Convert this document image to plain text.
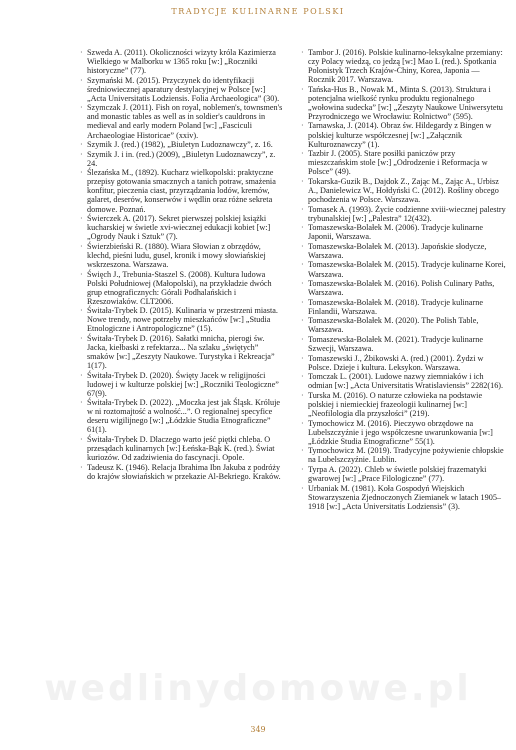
TRADYCJE KULINARNE POLSKI
· Szweda A. (2011). Okoliczności wizyty króla Kazimierza Wielkiego w Malborku w 1365 roku [w:] „Roczniki historyczne” (77).
· Szymański M. (2015). Przyczynek do identyfikacji średniowiecznej aparatury destylacyjnej w Polsce [w:] „Acta Universitatis Lodziensis. Folia Archaeologica” (30).
· Szymczak J. (2011). Fish on royal, noblemen's, townsmen's and monastic tables as well as in soldier's cauldrons in medieval and early modern Poland [w:] „Fasciculi Archaeologiae Historicae” (xxiv).
· Szymik J. (red.) (1982), „Biuletyn Ludoznawczy”, z. 16.
· Szymik J. i in. (red.) (2009), „Biuletyn Ludoznawczy”, z. 24.
· Ślezańska M., (1892). Kucharz wielkopolski: praktyczne przepisy gotowania smacznych a tanich potraw, smażenia konfitur, pieczenia ciast, przyrządzania lodów, kremów, galaret, deserów, konserwów i wędlin oraz różne sekreta domowe. Poznań.
· Świerczek A. (2017). Sekret pierwszej polskiej książki kucharskiej w świetle xvi-wiecznej edukacji kobiet [w:] „Ogrody Nauk i Sztuk” (7).
· Świerzbieński R. (1880). Wiara Słowian z obrzędów, klechd, pieśni ludu, gusel, kronik i mowy słowiańskiej wskrzeszona. Warszawa.
· Święch J., Trebunia-Staszel S. (2008). Kultura ludowa Polski Południowej (Małopolski), na przykładzie dwóch grup etnograficznych: Górali Podhalańskich i Rzeszowiaków. CLT2006.
· Świtała-Trybek D. (2015). Kulinaria w przestrzeni miasta. Nowe trendy, nowe potrzeby mieszkańców [w:] „Studia Etnologiczne i Antropologiczne” (15).
· Świtała-Trybek D. (2016). Sałatki mnicha, pierogi św. Jacka, kiełbaski z refektarza... Na szlaku „świętych” smaków [w:] „Zeszyty Naukowe. Turystyka i Rekreacja” 1(17).
· Świtała-Trybek D. (2020). Święty Jacek w religijności ludowej i w kulturze polskiej [w:] „Roczniki Teologiczne” 67(9).
· Świtała-Trybek D. (2022). „Moczka jest jak Śląsk. Króluje w ni roztomajtość a wolność...”. O regionalnej specyfice deseru wigilijnego [w:] „Łódzkie Studia Etnograficzne” 61(1).
· Świtała-Trybek D. Dlaczego warto jeść piętki chleba. O przesądach kulinarnych [w:] Łeńska-Bąk K. (red.). Świat kuriozów. Od zadziwienia do fascynacji. Opole.
· Tadeusz K. (1946). Relacja Ibrahima Ibn Jakuba z podróży do krajów słowiańskich w przekazie Al-Bekriego. Kraków.
· Tambor J. (2016). Polskie kulinarno-leksykalne przemiany: czy Polacy wiedzą, co jedzą [w:] Mao L (red.). Spotkania Polonistyk Trzech Krajów-Chiny, Korea, Japonia — Rocznik 2017. Warszawa.
· Tańska-Hus B., Nowak M., Minta S. (2013). Struktura i potencjalna wielkość rynku produktu regionalnego „wołowina sudecka” [w:] „Zeszyty Naukowe Uniwersytetu Przyrodniczego we Wrocławiu: Rolnictwo” (595).
· Tarnawska, J. (2014). Obraz św. Hildegardy z Bingen w polskiej kulturze współczesnej [w:] „Załącznik Kulturoznawczy” (1).
· Tazbir J. (2005). Stare posiłki paniczów przy mieszczańskim stole [w:] „Odrodzenie i Reformacja w Polsce” (49).
· Tokarska-Guzik B., Dajdok Z., Zając M., Zając A., Urbisz A., Danielewicz W., Hołdyński C. (2012). Rośliny obcego pochodzenia w Polsce. Warszawa.
· Tomasek A. (1993). Życie codzienne xviii-wiecznej palestry trybunalskiej [w:] „Palestra” 12(432).
· Tomaszewska-Bolałek M. (2006). Tradycje kulinarne Japonii, Warszawa.
· Tomaszewska-Bolałek M. (2013). Japońskie słodycze, Warszawa.
· Tomaszewska-Bolałek M. (2015). Tradycje kulinarne Korei, Warszawa.
· Tomaszewska-Bolałek M. (2016). Polish Culinary Paths, Warszawa.
· Tomaszewska-Bolałek M. (2018). Tradycje kulinarne Finlandii, Warszawa.
· Tomaszewska-Bolałek M. (2020). The Polish Table, Warszawa.
· Tomaszewska-Bolałek M. (2021). Tradycje kulinarne Szwecji, Warszawa.
· Tomaszewski J., Żbikowski A. (red.) (2001). Żydzi w Polsce. Dzieje i kultura. Leksykon. Warszawa.
· Tomczak L. (2001). Ludowe nazwy ziemniaków i ich odmian [w:] „Acta Universitatis Wratislaviensis” 2282(16).
· Turska M. (2016). O naturze człowieka na podstawie polskiej i niemieckiej frazeologii kulinarnej [w:] „Neofilologia dla przyszłości” (219).
· Tymochowicz M. (2016). Pieczywo obrzędowe na Lubelszczyźnie i jego współczesne uwarunkowania [w:] „Łódzkie Studia Etnograficzne” 55(1).
· Tymochowicz M. (2019). Tradycyjne pożywienie chłopskie na Lubelszczyźnie. Lublin.
· Tyrpa A. (2022). Chleb w świetle polskiej frazematyki gwarowej [w:] „Prace Filologiczne” (77).
· Urbaniak M. (1981). Koła Gospodyń Wiejskich Stowarzyszenia Zjednoczonych Ziemianek w latach 1905–1918 [w:] „Acta Universitatis Lodziensis” (3).
wedlinydomowe.pl
349
